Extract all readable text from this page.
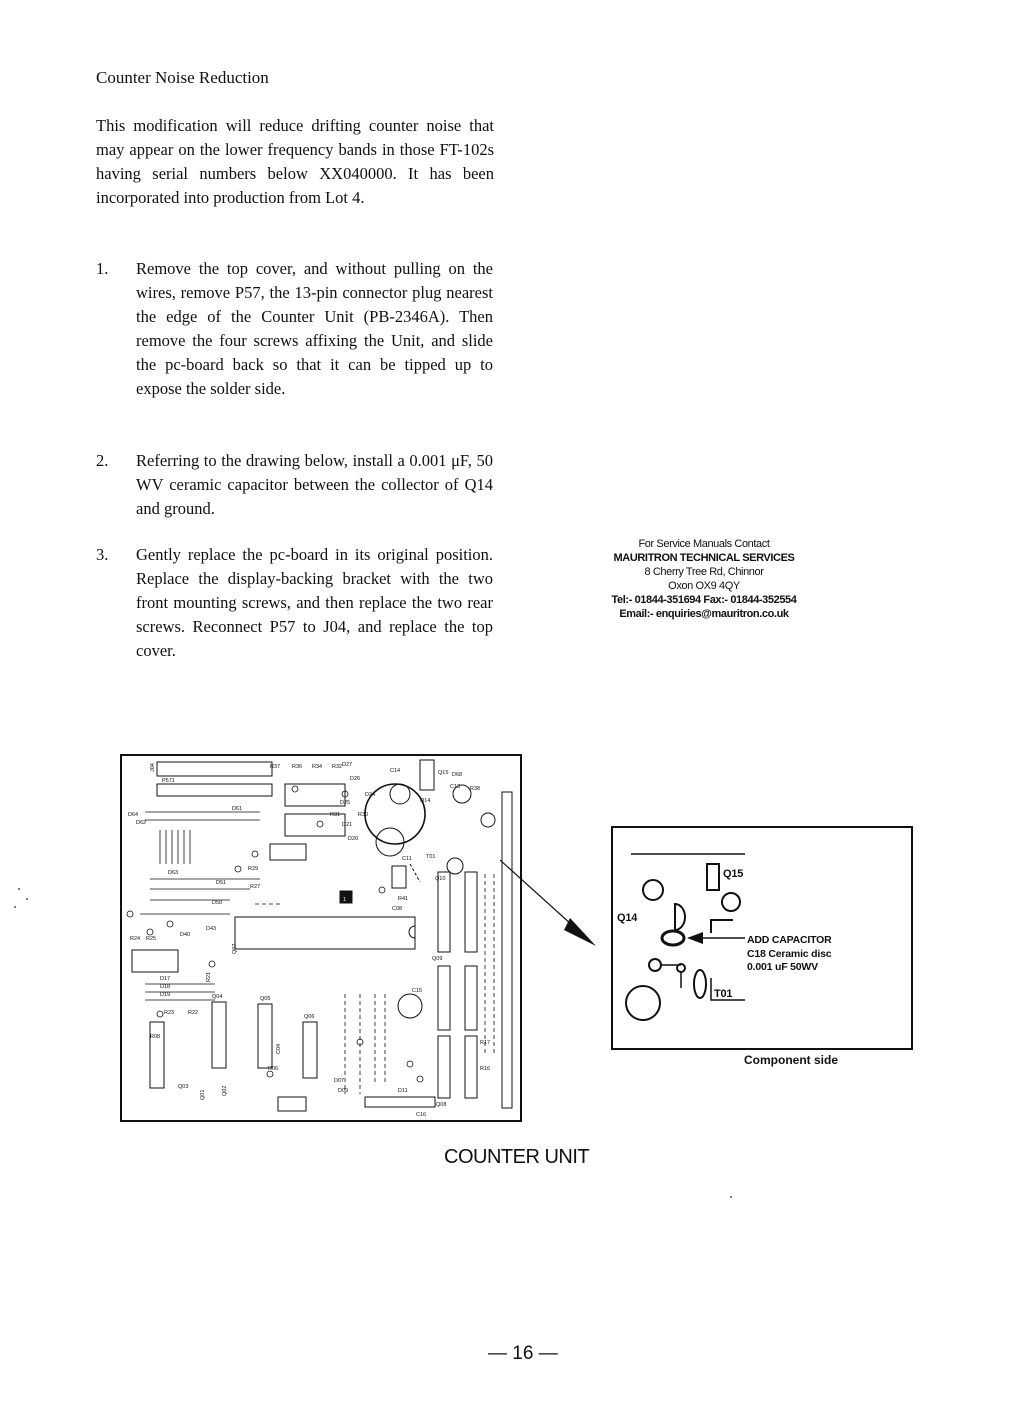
Counter Noise Reduction
This modification will reduce drifting counter noise that may appear on the lower frequency bands in those FT-102s having serial numbers below XX040000. It has been incorporated into production from Lot 4.
1.	Remove the top cover, and without pulling on the wires, remove P57, the 13-pin connector plug nearest the edge of the Counter Unit (PB-2346A). Then remove the four screws affixing the Unit, and slide the pc-board back so that it can be tipped up to expose the solder side.
2.	Referring to the drawing below, install a 0.001 μF, 50 WV ceramic capacitor between the collector of Q14 and ground.
3.	Gently replace the pc-board in its original position. Replace the display-backing bracket with the two front mounting screws, and then replace the two rear screws. Reconnect P57 to J04, and replace the top cover.
For Service Manuals Contact
MAURITRON TECHNICAL SERVICES
8 Cherry Tree Rd, Chinnor
Oxon OX9 4QY
Tel:- 01844-351694 Fax:- 01844-352554
Email:- enquiries@mauritron.co.uk
J04
P571
R37 R36 R34 R32 D27
D26
C14	Q15 D68
C13 R38
D24
D25	Q14
R31
D21
D20
R30
D61
D64
D62
D63
C11	T01
Q10
R41
C08
D51
R27
R29
D50
Q07
D40
D43
R24 R25
Q09
Q05
Q04
Q06
R21
D17
D18
D19
R23	R22
R08
C15
R17
R16
Q03	Q02
Q01
Q08
D07
D09	D11
C16
R06
C04
1
Q15
Q14
ADD CAPACITOR
C18 Ceramic disc
0.001 uF 50WV
T01
Component side
COUNTER UNIT
— 16 —
